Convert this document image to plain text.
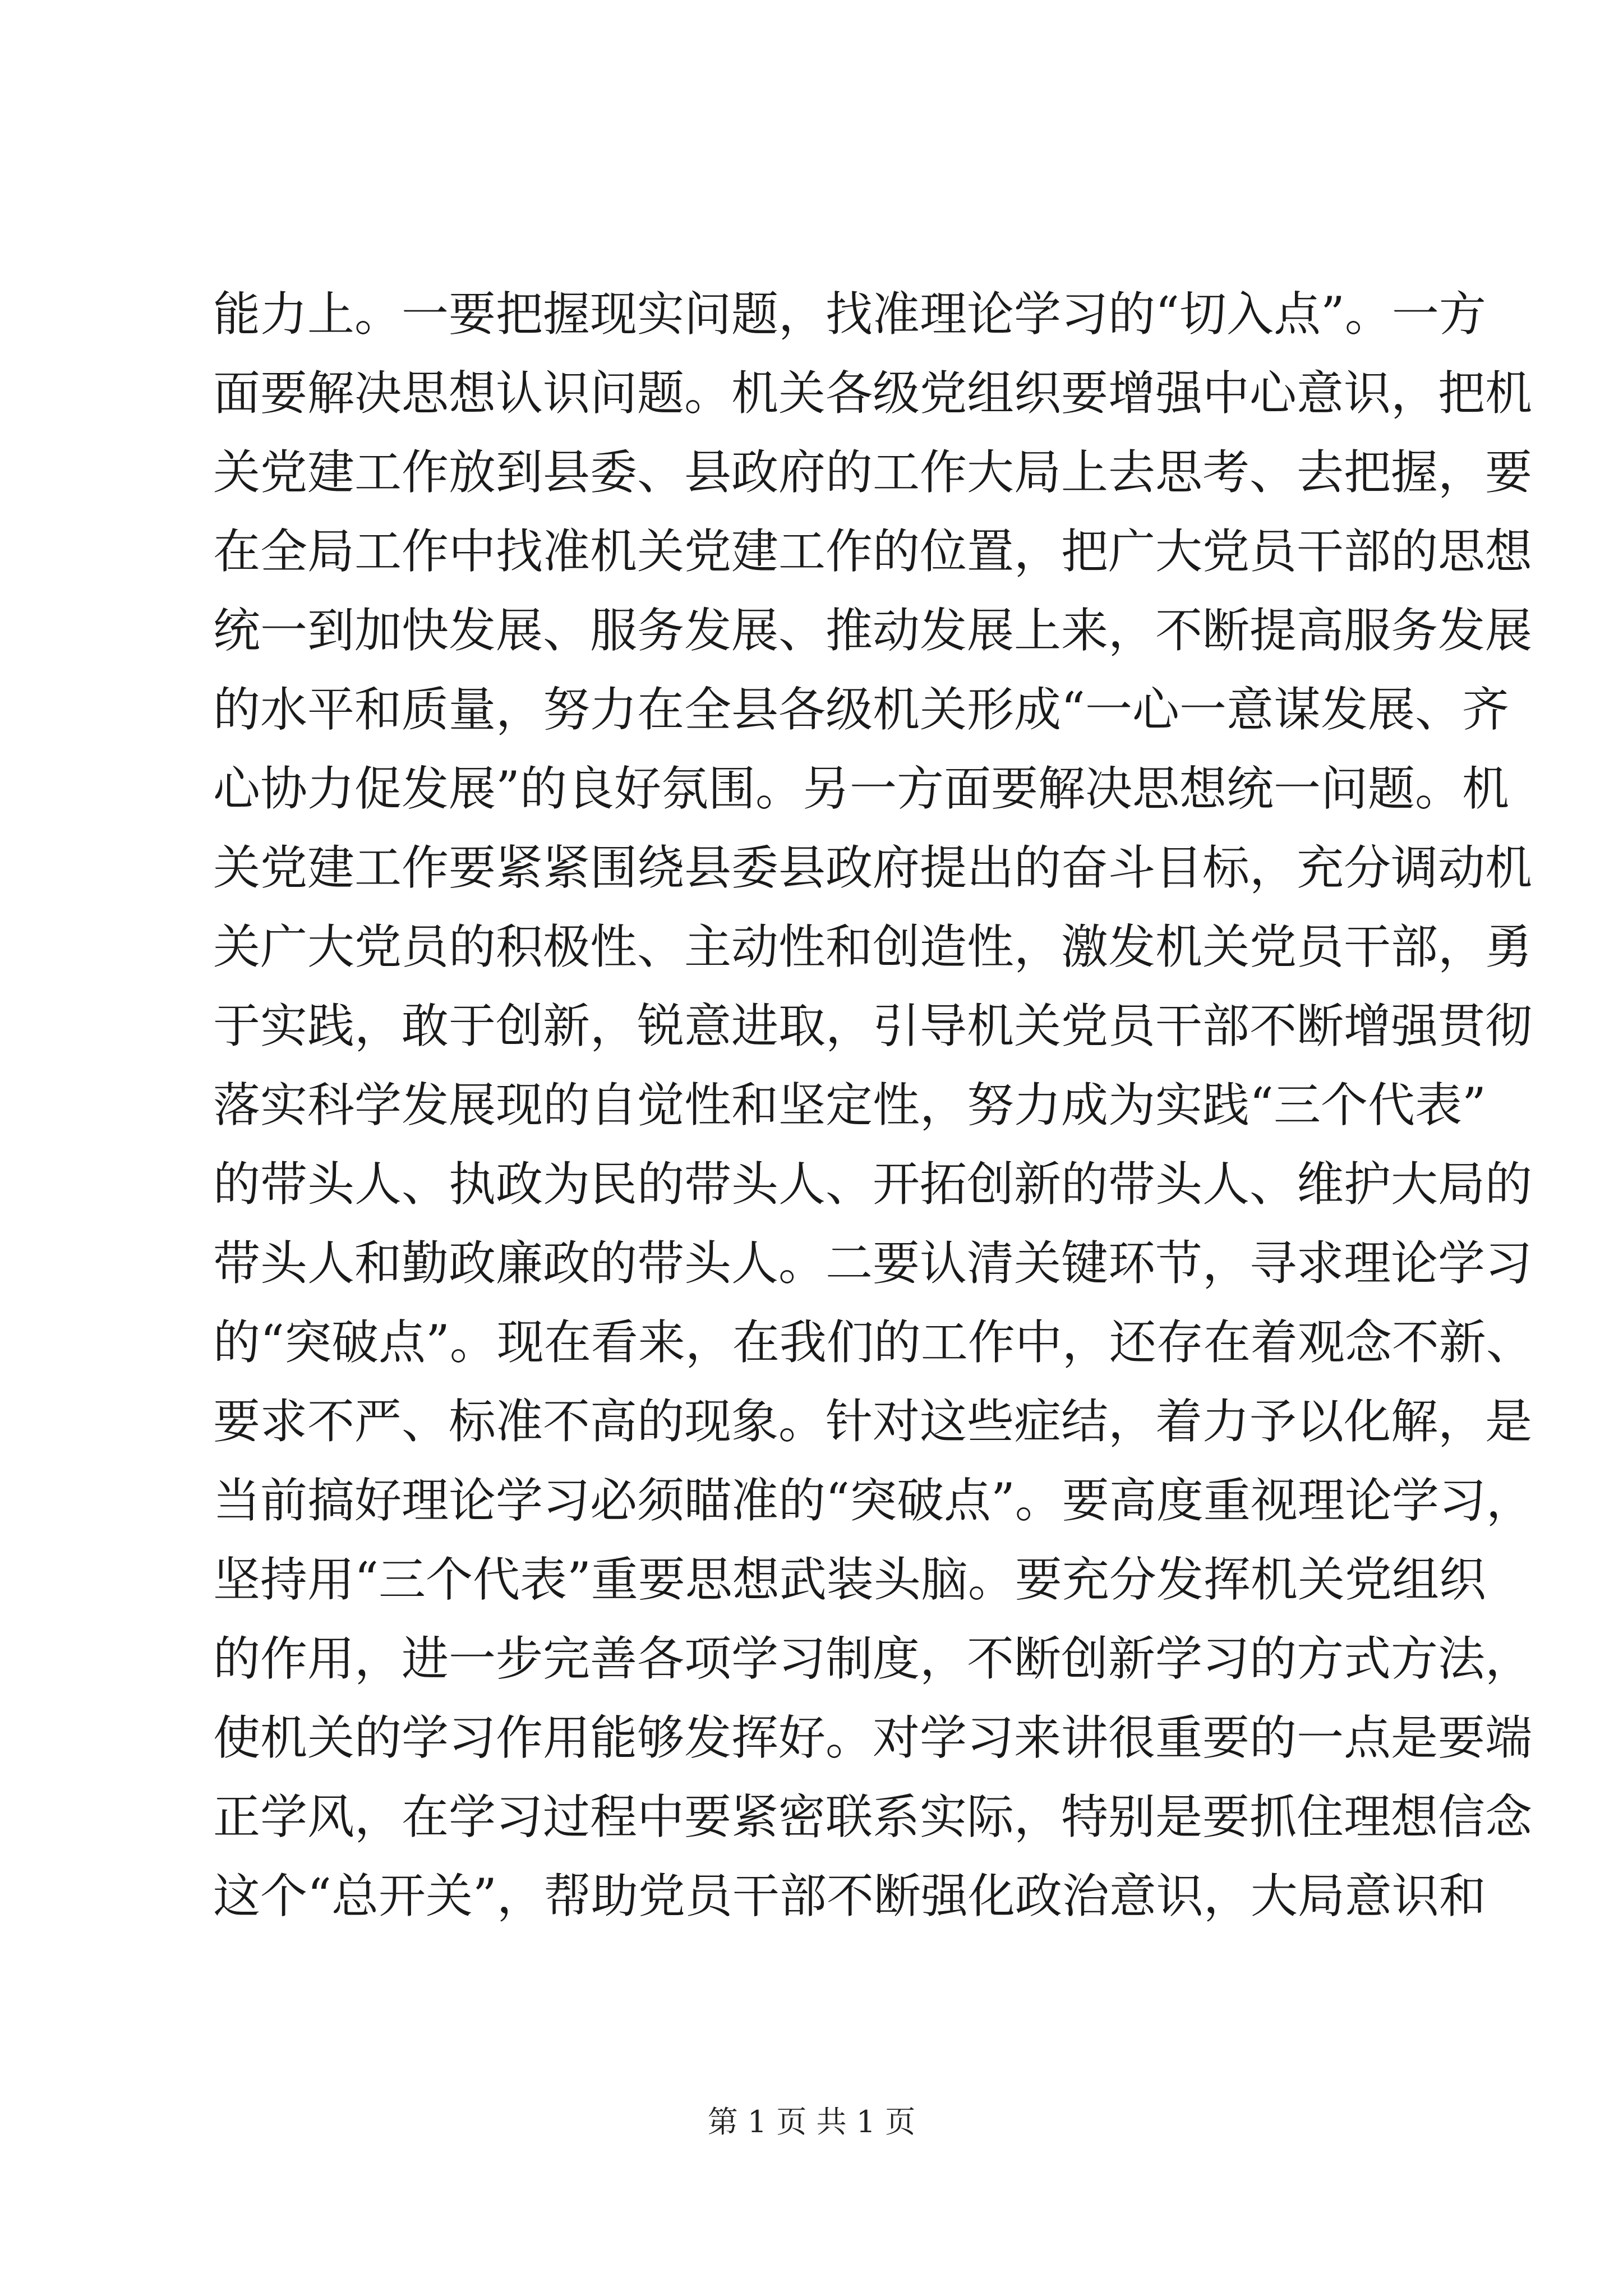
能力上。一要把握现实问题，找准理论学习的“切入点”。一方
面要解决思想认识问题。机关各级党组织要增强中心意识，把机
关党建工作放到县委、县政府的工作大局上去思考、去把握，要
在全局工作中找准机关党建工作的位置，把广大党员干部的思想
统一到加快发展、服务发展、推动发展上来，不断提高服务发展
的水平和质量，努力在全县各级机关形成“一心一意谋发展、齐
心协力促发展”的良好氛围。另一方面要解决思想统一问题。机
关党建工作要紧紧围绕县委县政府提出的奋斗目标，充分调动机
关广大党员的积极性、主动性和创造性，激发机关党员干部，勇
于实践，敢于创新，锐意进取，引导机关党员干部不断增强贯彻
落实科学发展现的自觉性和坚定性，努力成为实践“三个代表”
的带头人、执政为民的带头人、开拓创新的带头人、维护大局的
带头人和勤政廉政的带头人。二要认清关键环节，寻求理论学习
的“突破点”。现在看来，在我们的工作中，还存在着观念不新、
要求不严、标准不高的现象。针对这些症结，着力予以化解，是
当前搞好理论学习必须瞄准的“突破点”。要高度重视理论学习，
坚持用“三个代表”重要思想武装头脑。要充分发挥机关党组织
的作用，进一步完善各项学习制度，不断创新学习的方式方法，
使机关的学习作用能够发挥好。对学习来讲很重要的一点是要端
正学风，在学习过程中要紧密联系实际，特别是要抓住理想信念
这个“总开关”，帮助党员干部不断强化政治意识，大局意识和
第 1 页 共 1 页
